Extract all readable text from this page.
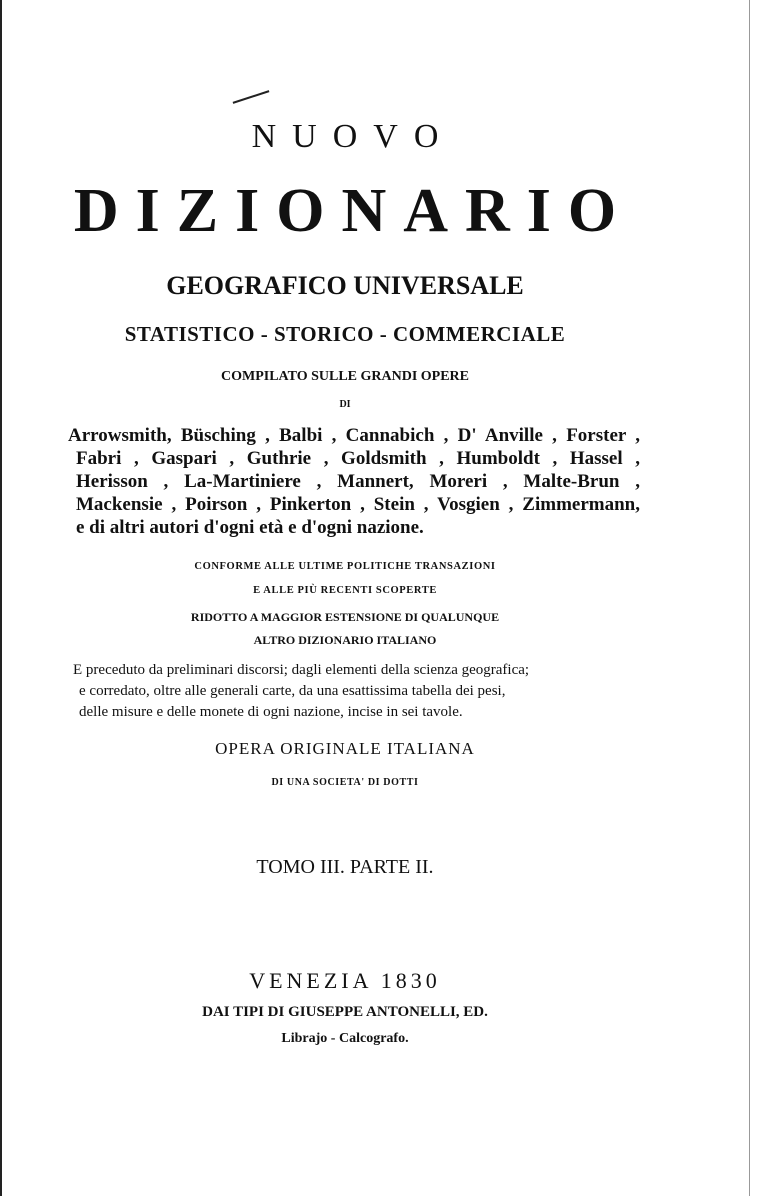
NUOVO
DIZIONARIO
GEOGRAFICO UNIVERSALE
STATISTICO - STORICO - COMMERCIALE
COMPILATO SULLE GRANDI OPERE
DI
Arrowsmith, Büsching , Balbi , Cannabich , D' Anville , Forster ,
Fabri , Gaspari , Guthrie , Goldsmith , Humboldt , Hassel ,
Herisson , La-Martiniere , Mannert, Moreri , Malte-Brun ,
Mackensie , Poirson , Pinkerton , Stein , Vosgien , Zimmermann,
e di altri autori d'ogni età e d'ogni nazione.
CONFORME ALLE ULTIME POLITICHE TRANSAZIONI
E ALLE PIÙ RECENTI SCOPERTE
RIDOTTO A MAGGIOR ESTENSIONE DI QUALUNQUE
ALTRO DIZIONARIO ITALIANO
E preceduto da preliminari discorsi; dagli elementi della scienza geografica;
e corredato, oltre alle generali carte, da una esattissima tabella dei pesi,
delle misure e delle monete di ogni nazione, incise in sei tavole.
OPERA ORIGINALE ITALIANA
DI UNA SOCIETA' DI DOTTI
TOMO III. PARTE II.
VENEZIA 1830
DAI TIPI DI GIUSEPPE ANTONELLI, ED.
Librajo - Calcografo.
